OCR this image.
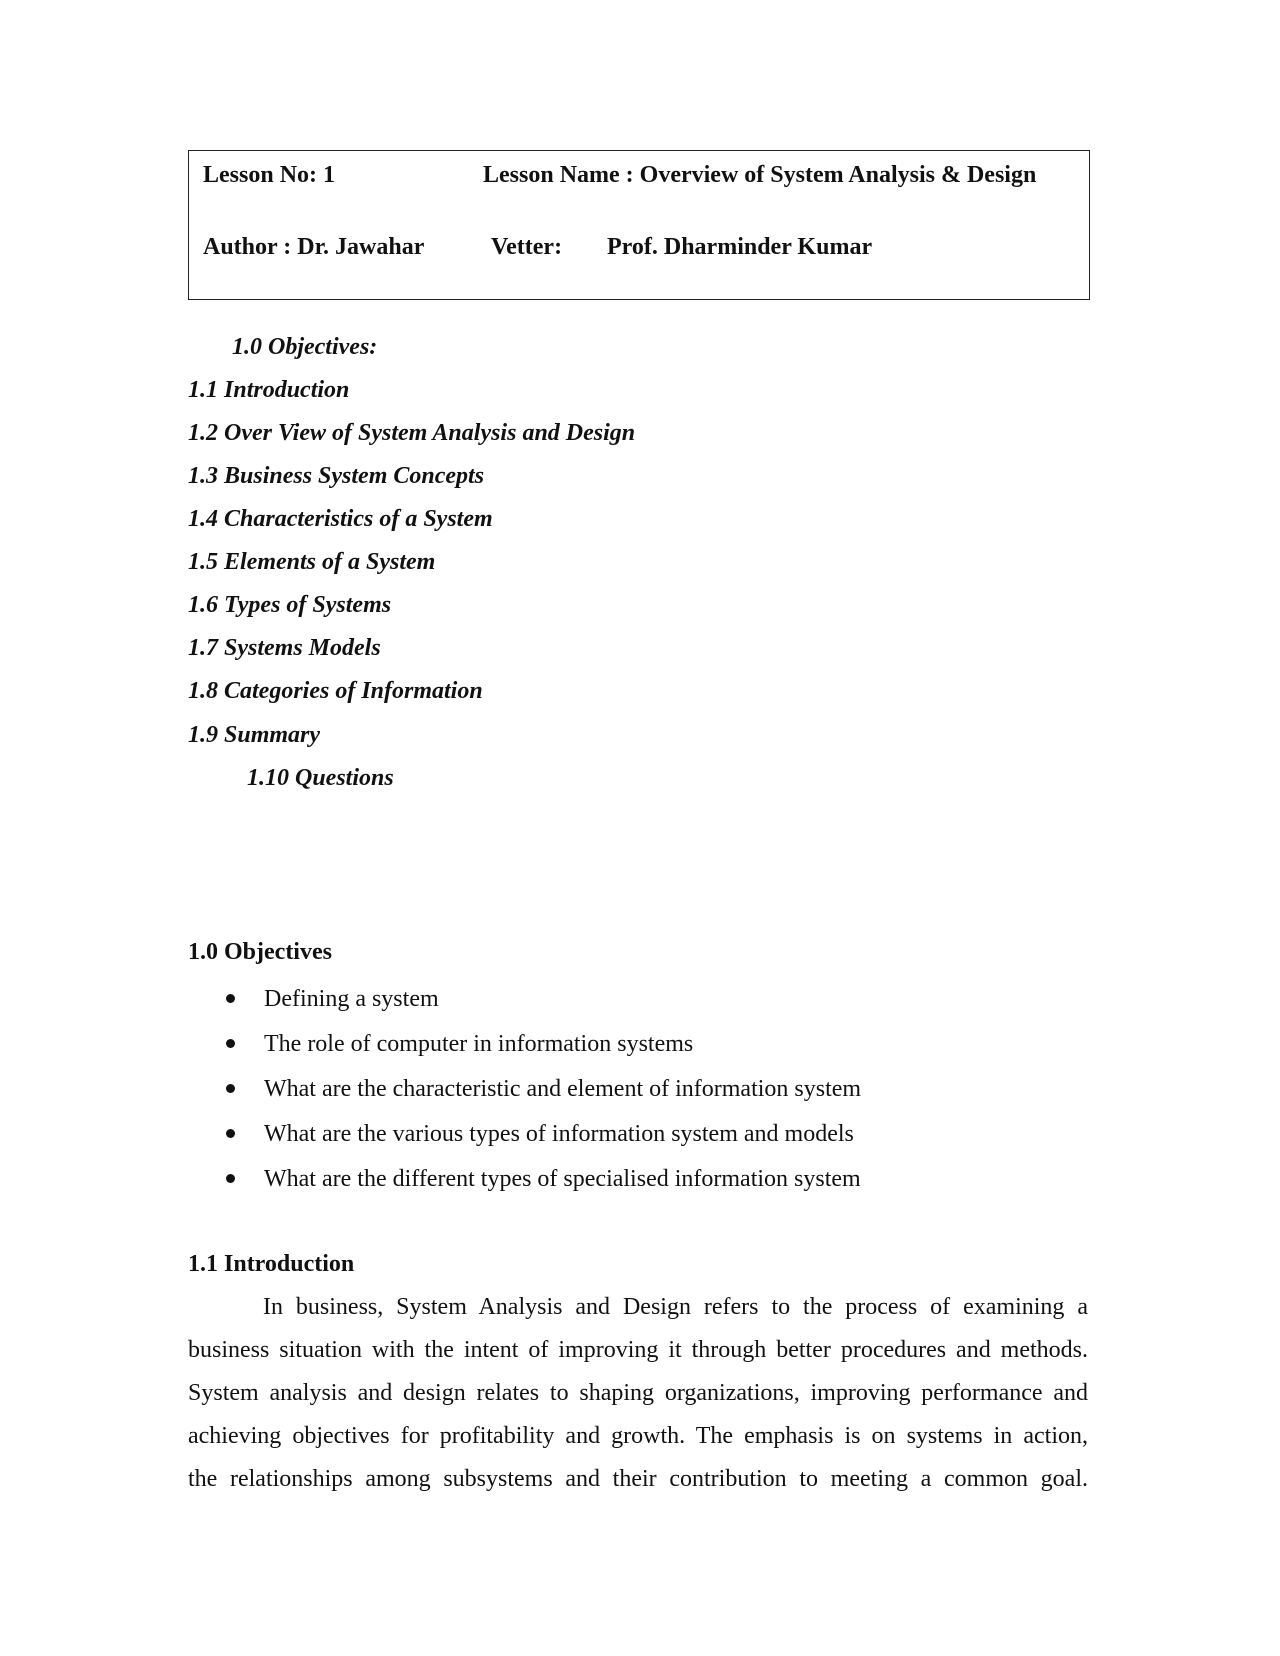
Lesson No: 1	Lesson Name : Overview of System Analysis & Design
Author : Dr. Jawahar	Vetter: Prof. Dharminder Kumar
1.0 Objectives:
1.1 Introduction
1.2 Over View of System Analysis and Design
1.3 Business System Concepts
1.4 Characteristics of a System
1.5 Elements of a System
1.6 Types of Systems
1.7 Systems Models
1.8 Categories of Information
1.9 Summary
1.10 Questions
1.0 Objectives
Defining a system
The role of computer in information systems
What are the characteristic and element of information system
What are the various types of information system and models
What are the different types of specialised information system
1.1 Introduction
In business, System Analysis and Design refers to the process of examining a
business situation with the intent of improving it through better procedures and methods.
System analysis and design relates to shaping organizations, improving performance and
achieving objectives for profitability and growth. The emphasis is on systems in action,
the relationships among subsystems and their contribution to meeting a common goal.
